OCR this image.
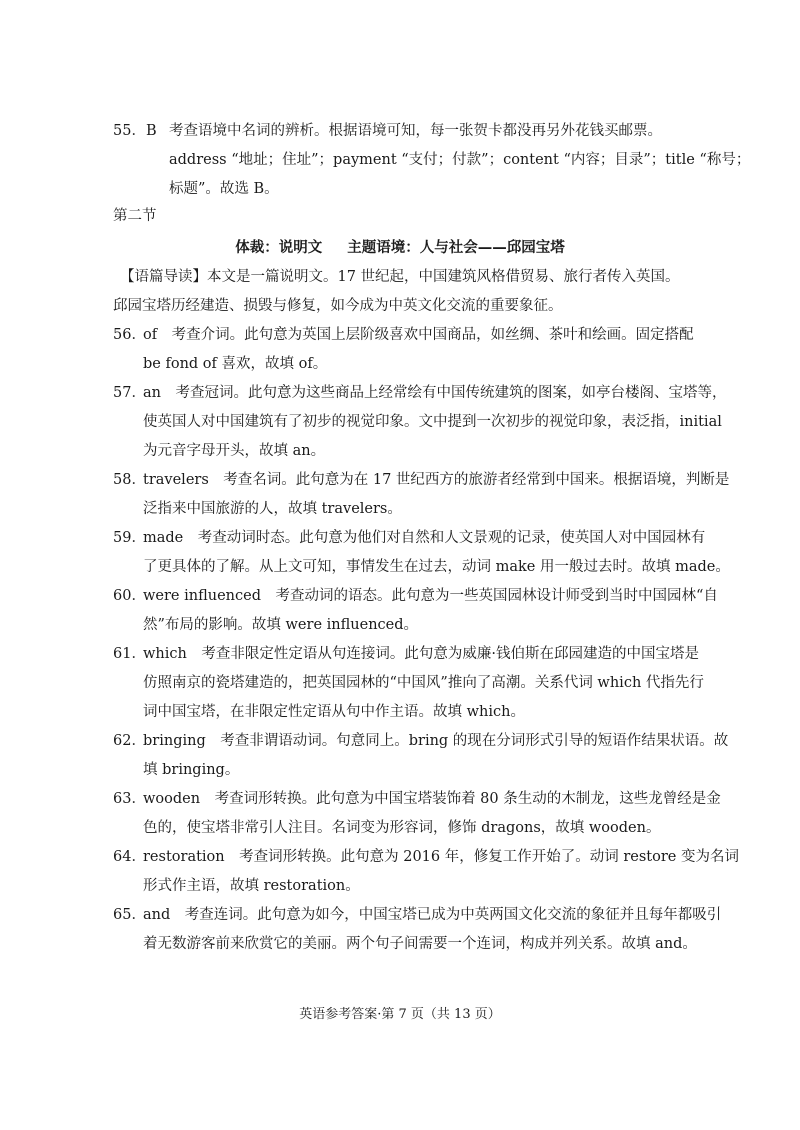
55．B 考查语境中名词的辨析。根据语境可知，每一张贺卡都没再另外花钱买邮票。
address “地址；住址”；payment “支付；付款”；content “内容；目录”；title “称号；
标题”。故选 B。
第二节
体裁：说明文 主题语境：人与社会——邱园宝塔
【语篇导读】本文是一篇说明文。17 世纪起，中国建筑风格借贸易、旅行者传入英国。
邱园宝塔历经建造、损毁与修复，如今成为中英文化交流的重要象征。
56．of　考查介词。此句意为英国上层阶级喜欢中国商品，如丝绸、茶叶和绘画。固定搭配
be fond of 喜欢，故填 of。
57．an　考查冠词。此句意为这些商品上经常绘有中国传统建筑的图案，如亭台楼阁、宝塔等，
使英国人对中国建筑有了初步的视觉印象。文中提到一次初步的视觉印象，表泛指，initial
为元音字母开头，故填 an。
58．travelers　考查名词。此句意为在 17 世纪西方的旅游者经常到中国来。根据语境，判断是
泛指来中国旅游的人，故填 travelers。
59．made　考查动词时态。此句意为他们对自然和人文景观的记录，使英国人对中国园林有
了更具体的了解。从上文可知，事情发生在过去，动词 make 用一般过去时。故填 made。
60．were influenced　考查动词的语态。此句意为一些英国园林设计师受到当时中国园林“自
然”布局的影响。故填 were influenced。
61．which　考查非限定性定语从句连接词。此句意为威廉·钱伯斯在邱园建造的中国宝塔是
仿照南京的瓷塔建造的，把英国园林的“中国风”推向了高潮。关系代词 which 代指先行
词中国宝塔，在非限定性定语从句中作主语。故填 which。
62．bringing　考查非谓语动词。句意同上。bring 的现在分词形式引导的短语作结果状语。故
填 bringing。
63．wooden　考查词形转换。此句意为中国宝塔装饰着 80 条生动的木制龙，这些龙曾经是金
色的，使宝塔非常引人注目。名词变为形容词，修饰 dragons，故填 wooden。
64．restoration　考查词形转换。此句意为 2016 年，修复工作开始了。动词 restore 变为名词
形式作主语，故填 restoration。
65．and　考查连词。此句意为如今，中国宝塔已成为中英两国文化交流的象征并且每年都吸引
着无数游客前来欣赏它的美丽。两个句子间需要一个连词，构成并列关系。故填 and。
英语参考答案·第 7 页（共 13 页）
